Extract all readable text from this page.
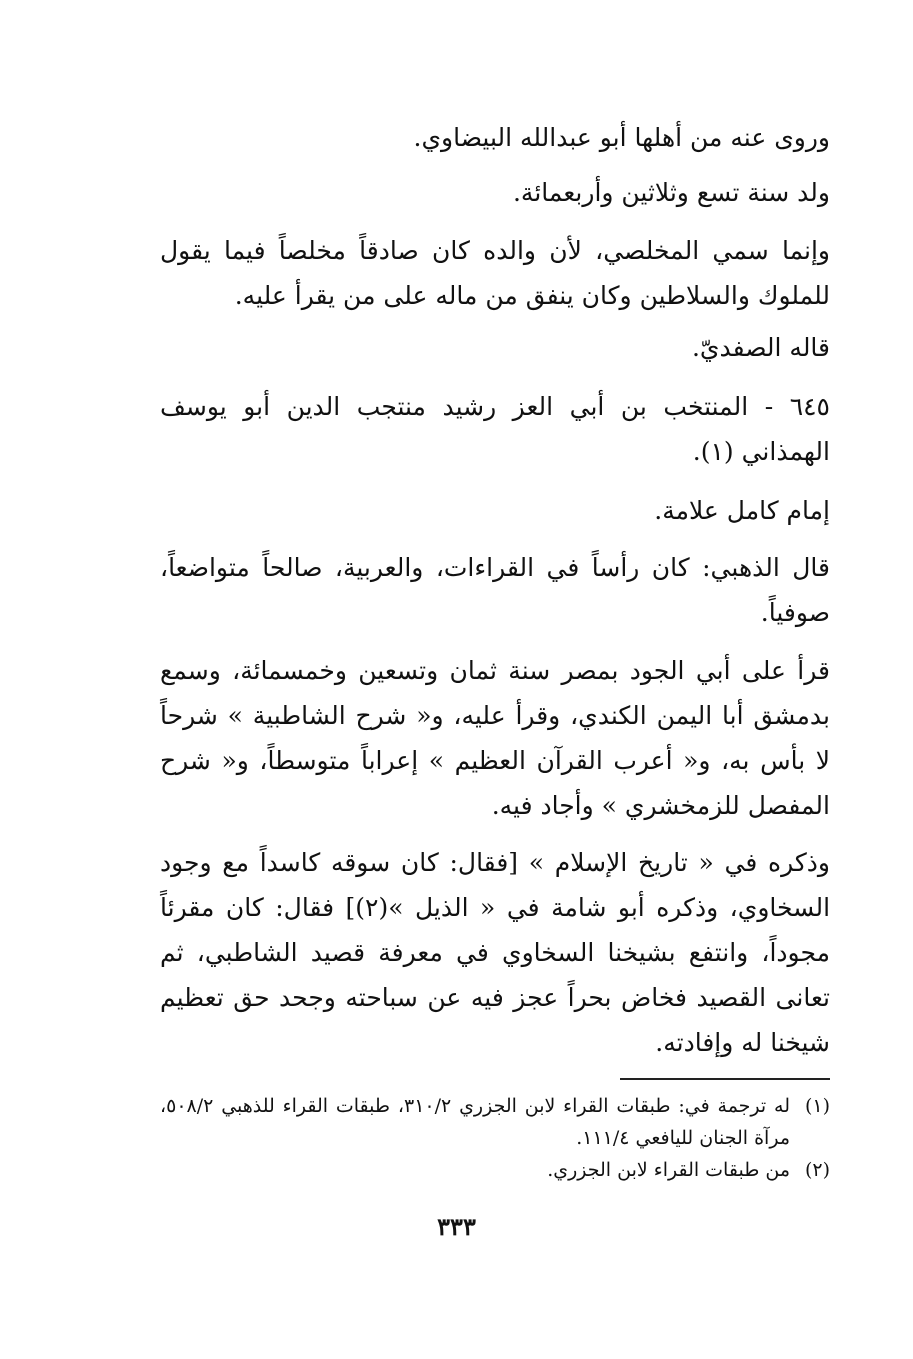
وروى عنه من أهلها أبو عبدالله البيضاوي.

ولد سنة تسع وثلاثين وأربعمائة.

وإنما سمي المخلصي، لأن والده كان صادقاً مخلصاً فيما يقول للملوك والسلاطين وكان ينفق من ماله على من يقرأ عليه.

قاله الصفديّ.

٦٤٥ - المنتخب بن أبي العز رشيد منتجب الدين أبو يوسف الهمذاني (١).

إمام كامل علامة.

قال الذهبي: كان رأساً في القراءات، والعربية، صالحاً متواضعاً، صوفياً.

قرأ على أبي الجود بمصر سنة ثمان وتسعين وخمسمائة، وسمع بدمشق أبا اليمن الكندي، وقرأ عليه، و« شرح الشاطبية » شرحاً لا بأس به، و« أعرب القرآن العظيم » إعراباً متوسطاً، و« شرح المفصل للزمخشري » وأجاد فيه.

وذكره في « تاريخ الإسلام » [فقال: كان سوقه كاسداً مع وجود السخاوي، وذكره أبو شامة في « الذيل »(٢)] فقال: كان مقرئاً مجوداً، وانتفع بشيخنا السخاوي في معرفة قصيد الشاطبي، ثم تعانى القصيد فخاض بحراً عجز فيه عن سباحته وجحد حق تعظيم شيخنا له وإفادته.

(١)
له ترجمة في: طبقات القراء لابن الجزري ٣١٠/٢، طبقات القراء للذهبي ٥٠٨/٢، مرآة الجنان لليافعي ١١١/٤.
(٢)
من طبقات القراء لابن الجزري.
٣٣٣
